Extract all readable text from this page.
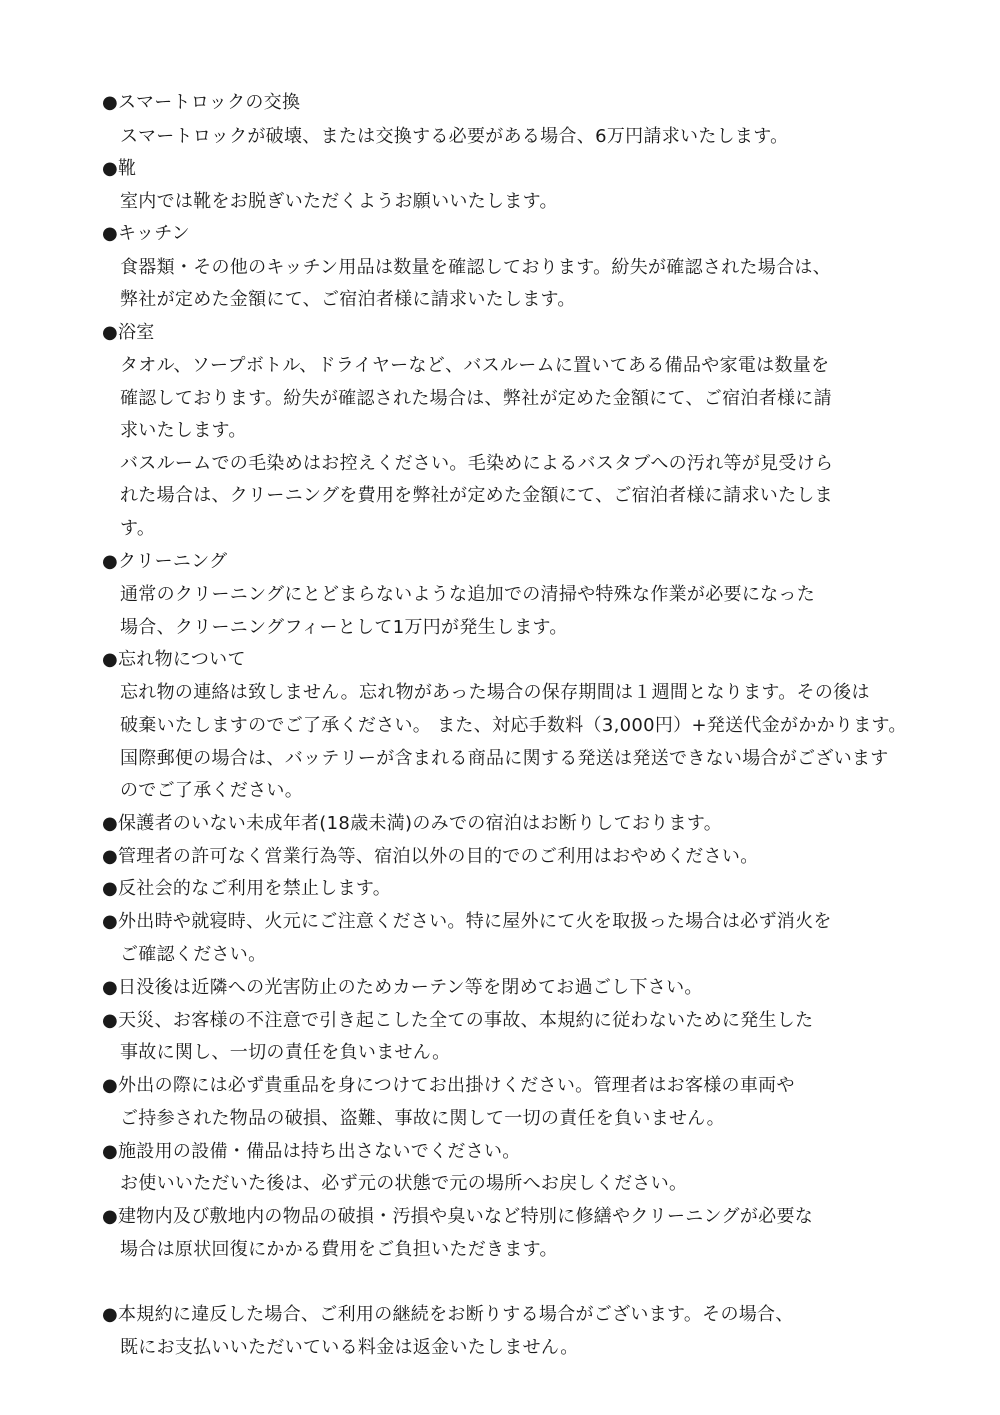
●スマートロックの交換
スマートロックが破壊、または交換する必要がある場合、6万円請求いたします。
●靴
室内では靴をお脱ぎいただくようお願いいたします。
●キッチン
食器類・その他のキッチン用品は数量を確認しております。紛失が確認された場合は、
弊社が定めた金額にて、ご宿泊者様に請求いたします。
●浴室
タオル、ソープボトル、ドライヤーなど、バスルームに置いてある備品や家電は数量を
確認しております。紛失が確認された場合は、弊社が定めた金額にて、ご宿泊者様に請
求いたします。
バスルームでの毛染めはお控えください。毛染めによるバスタブへの汚れ等が見受けら
れた場合は、クリーニングを費用を弊社が定めた金額にて、ご宿泊者様に請求いたしま
す。
●クリーニング
通常のクリーニングにとどまらないような追加での清掃や特殊な作業が必要になった
場合、クリーニングフィーとして1万円が発生します。
●忘れ物について
忘れ物の連絡は致しません。忘れ物があった場合の保存期間は１週間となります。その後は
破棄いたしますのでご了承ください。 また、対応手数料（3,000円）+発送代金がかかります。
国際郵便の場合は、バッテリーが含まれる商品に関する発送は発送できない場合がございます
のでご了承ください。
●保護者のいない未成年者(18歳未満)のみでの宿泊はお断りしております。
●管理者の許可なく営業行為等、宿泊以外の目的でのご利用はおやめください。
●反社会的なご利用を禁止します。
●外出時や就寝時、火元にご注意ください。特に屋外にて火を取扱った場合は必ず消火を
ご確認ください。
●日没後は近隣への光害防止のためカーテン等を閉めてお過ごし下さい。
●天災、お客様の不注意で引き起こした全ての事故、本規約に従わないために発生した
事故に関し、一切の責任を負いません。
●外出の際には必ず貴重品を身につけてお出掛けください。管理者はお客様の車両や
ご持参された物品の破損、盗難、事故に関して一切の責任を負いません。
●施設用の設備・備品は持ち出さないでください。
お使いいただいた後は、必ず元の状態で元の場所へお戻しください。
●建物内及び敷地内の物品の破損・汚損や臭いなど特別に修繕やクリーニングが必要な
場合は原状回復にかかる費用をご負担いただきます。
●本規約に違反した場合、ご利用の継続をお断りする場合がございます。その場合、
既にお支払いいただいている料金は返金いたしません。
